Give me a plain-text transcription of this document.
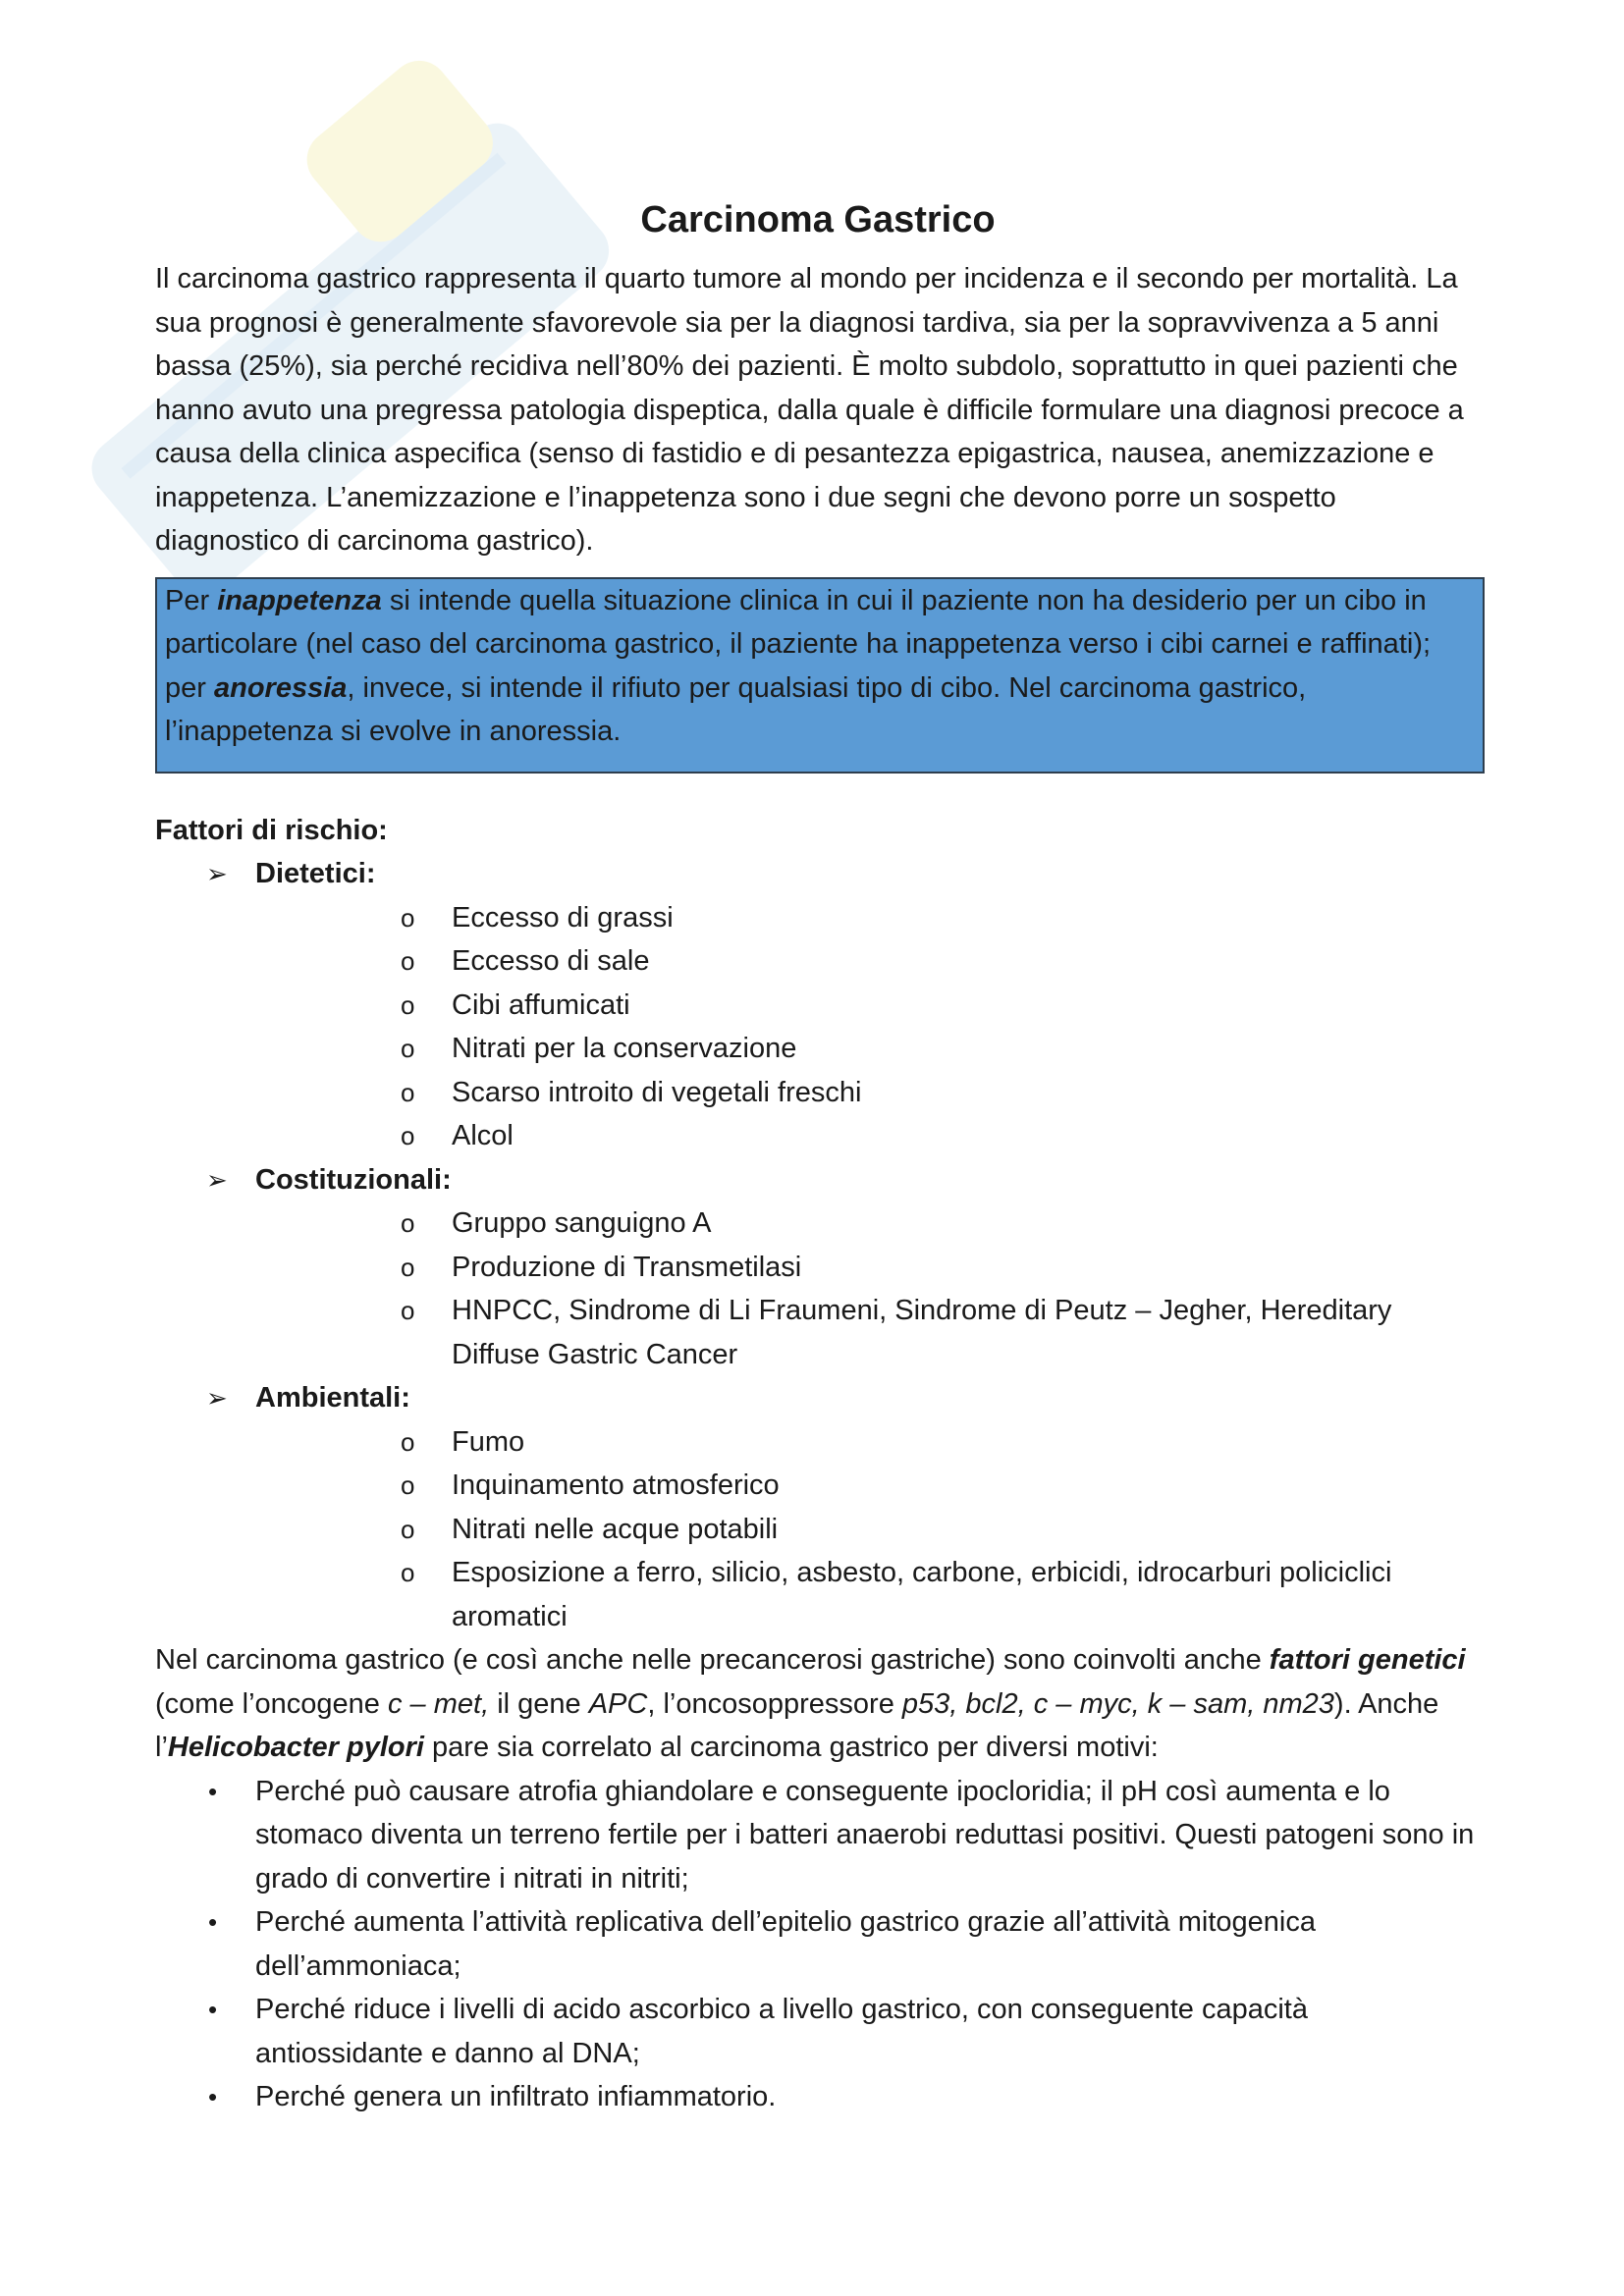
Carcinoma Gastrico

Il carcinoma gastrico rappresenta il quarto tumore al mondo per incidenza e il secondo per mortalità. La sua prognosi è generalmente sfavorevole sia per la diagnosi tardiva, sia per la sopravvivenza a 5 anni bassa (25%), sia perché recidiva nell’80% dei pazienti. È molto subdolo, soprattutto in quei pazienti che hanno avuto una pregressa patologia dispeptica, dalla quale è difficile formulare una diagnosi precoce a causa della clinica aspecifica (senso di fastidio e di pesantezza epigastrica, nausea, anemizzazione e inappetenza. L’anemizzazione e l’inappetenza sono i due segni che devono porre un sospetto diagnostico di carcinoma gastrico).

Per inappetenza si intende quella situazione clinica in cui il paziente non ha desiderio per un cibo in particolare (nel caso del carcinoma gastrico, il paziente ha inappetenza verso i cibi carnei e raffinati); per anoressia, invece, si intende il rifiuto per qualsiasi tipo di cibo. Nel carcinoma gastrico, l’inappetenza si evolve in anoressia.

Fattori di rischio:

➢ Dietetici:
o	Eccesso di grassi
o	Eccesso di sale
o	Cibi affumicati
o	Nitrati per la conservazione
o	Scarso introito di vegetali freschi
o	Alcol
➢ Costituzionali:
o	Gruppo sanguigno A
o	Produzione di Transmetilasi
o	HNPCC, Sindrome di Li Fraumeni, Sindrome di Peutz – Jegher, Hereditary Diffuse Gastric Cancer
➢ Ambientali:
o	Fumo
o	Inquinamento atmosferico
o	Nitrati nelle acque potabili
o	Esposizione a ferro, silicio, asbesto, carbone, erbicidi, idrocarburi policiclici aromatici

Nel carcinoma gastrico (e così anche nelle precancerosi gastriche) sono coinvolti anche fattori genetici (come l’oncogene c – met, il gene APC, l’oncosoppressore p53, bcl2, c – myc, k – sam, nm23). Anche l’Helicobacter pylori pare sia correlato al carcinoma gastrico per diversi motivi:

• Perché può causare atrofia ghiandolare e conseguente ipocloridia; il pH così aumenta e lo stomaco diventa un terreno fertile per i batteri anaerobi reduttasi positivi. Questi patogeni sono in grado di convertire i nitrati in nitriti;
• Perché aumenta l’attività replicativa dell’epitelio gastrico grazie all’attività mitogenica dell’ammoniaca;
• Perché riduce i livelli di acido ascorbico a livello gastrico, con conseguente capacità antiossidante e danno al DNA;
• Perché genera un infiltrato infiammatorio.
